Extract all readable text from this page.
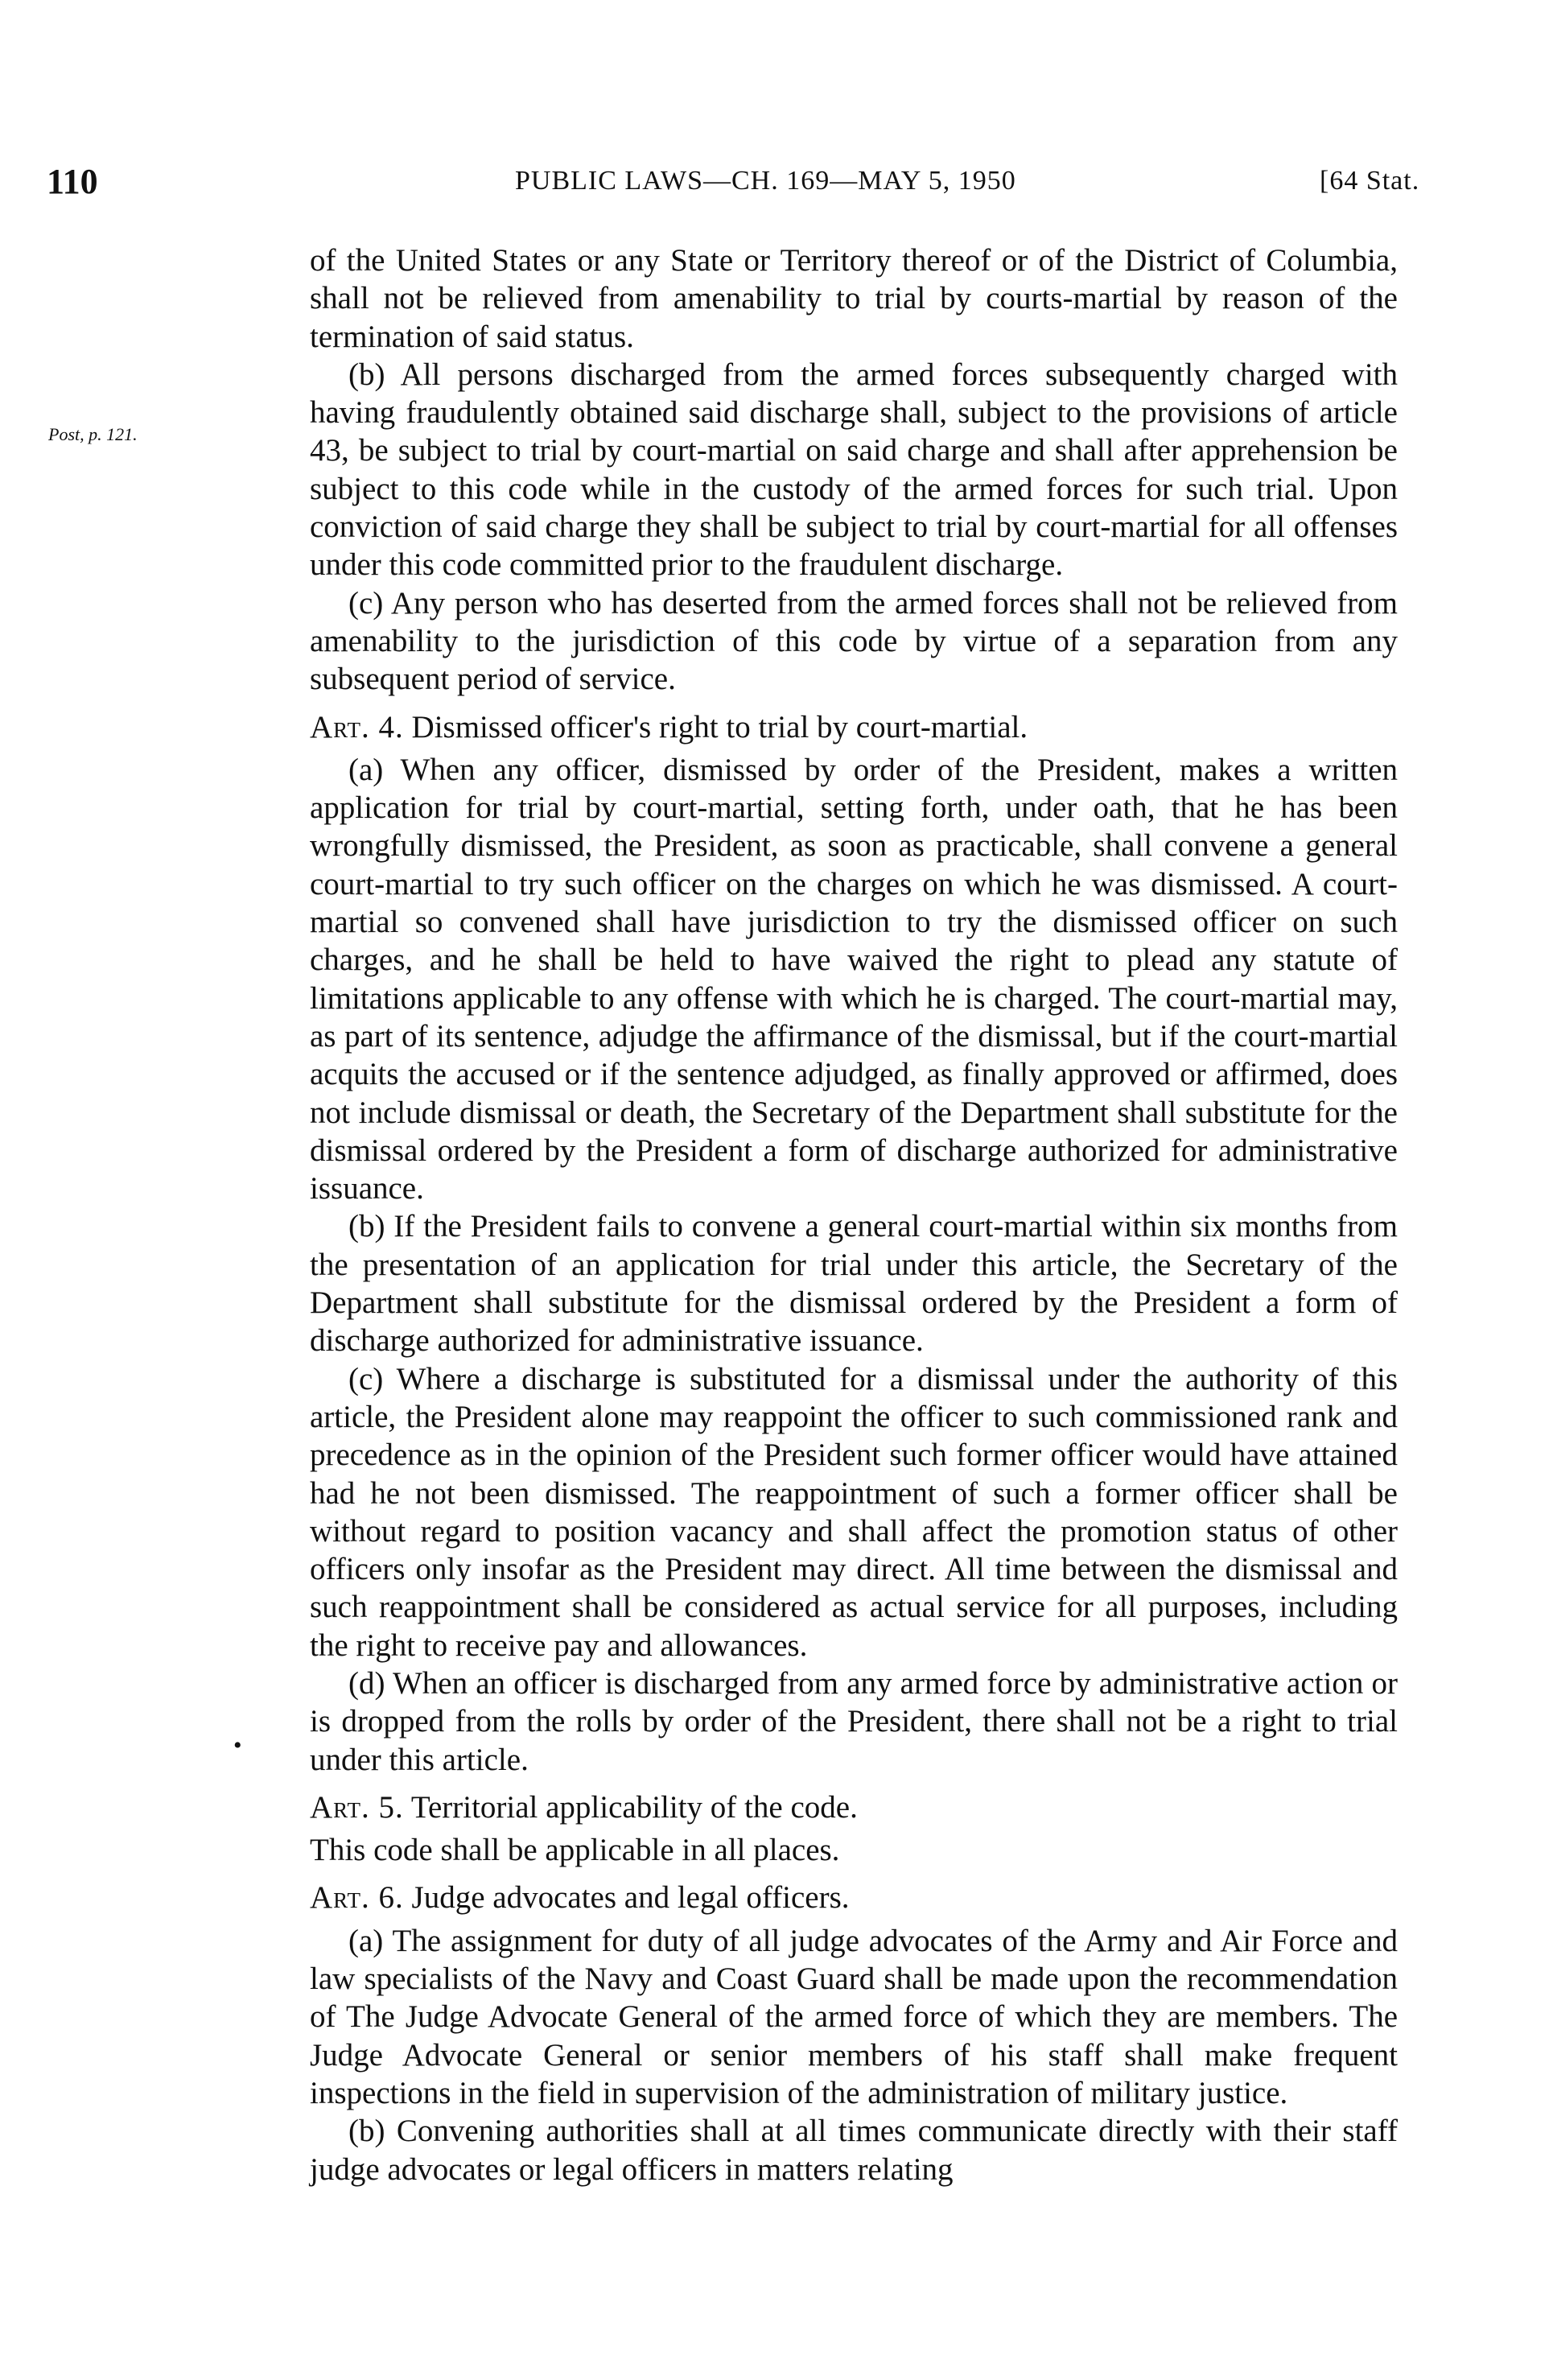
110	PUBLIC LAWS—CH. 169—MAY 5, 1950	[64 Stat.
Post, p. 121.
•

of the United States or any State or Territory thereof or of the District of Columbia, shall not be relieved from amenability to trial by courts-martial by reason of the termination of said status.

(b) All persons discharged from the armed forces subsequently charged with having fraudulently obtained said discharge shall, subject to the provisions of article 43, be subject to trial by court-martial on said charge and shall after apprehension be subject to this code while in the custody of the armed forces for such trial. Upon conviction of said charge they shall be subject to trial by court-martial for all offenses under this code committed prior to the fraudulent discharge.

(c) Any person who has deserted from the armed forces shall not be relieved from amenability to the jurisdiction of this code by virtue of a separation from any subsequent period of service.

Art. 4. Dismissed officer's right to trial by court-martial.

(a) When any officer, dismissed by order of the President, makes a written application for trial by court-martial, setting forth, under oath, that he has been wrongfully dismissed, the President, as soon as practicable, shall convene a general court-martial to try such officer on the charges on which he was dismissed. A court-martial so convened shall have jurisdiction to try the dismissed officer on such charges, and he shall be held to have waived the right to plead any statute of limitations applicable to any offense with which he is charged. The court-martial may, as part of its sentence, adjudge the affirmance of the dismissal, but if the court-martial acquits the accused or if the sentence adjudged, as finally approved or affirmed, does not include dismissal or death, the Secretary of the Department shall substitute for the dismissal ordered by the President a form of discharge authorized for administrative issuance.

(b) If the President fails to convene a general court-martial within six months from the presentation of an application for trial under this article, the Secretary of the Department shall substitute for the dismissal ordered by the President a form of discharge authorized for administrative issuance.

(c) Where a discharge is substituted for a dismissal under the authority of this article, the President alone may reappoint the officer to such commissioned rank and precedence as in the opinion of the President such former officer would have attained had he not been dismissed. The reappointment of such a former officer shall be without regard to position vacancy and shall affect the promotion status of other officers only insofar as the President may direct. All time between the dismissal and such reappointment shall be considered as actual service for all purposes, including the right to receive pay and allowances.

(d) When an officer is discharged from any armed force by administrative action or is dropped from the rolls by order of the President, there shall not be a right to trial under this article.

Art. 5. Territorial applicability of the code.

This code shall be applicable in all places.

Art. 6. Judge advocates and legal officers.

(a) The assignment for duty of all judge advocates of the Army and Air Force and law specialists of the Navy and Coast Guard shall be made upon the recommendation of The Judge Advocate General of the armed force of which they are members. The Judge Advocate General or senior members of his staff shall make frequent inspections in the field in supervision of the administration of military justice.

(b) Convening authorities shall at all times communicate directly with their staff judge advocates or legal officers in matters relating
